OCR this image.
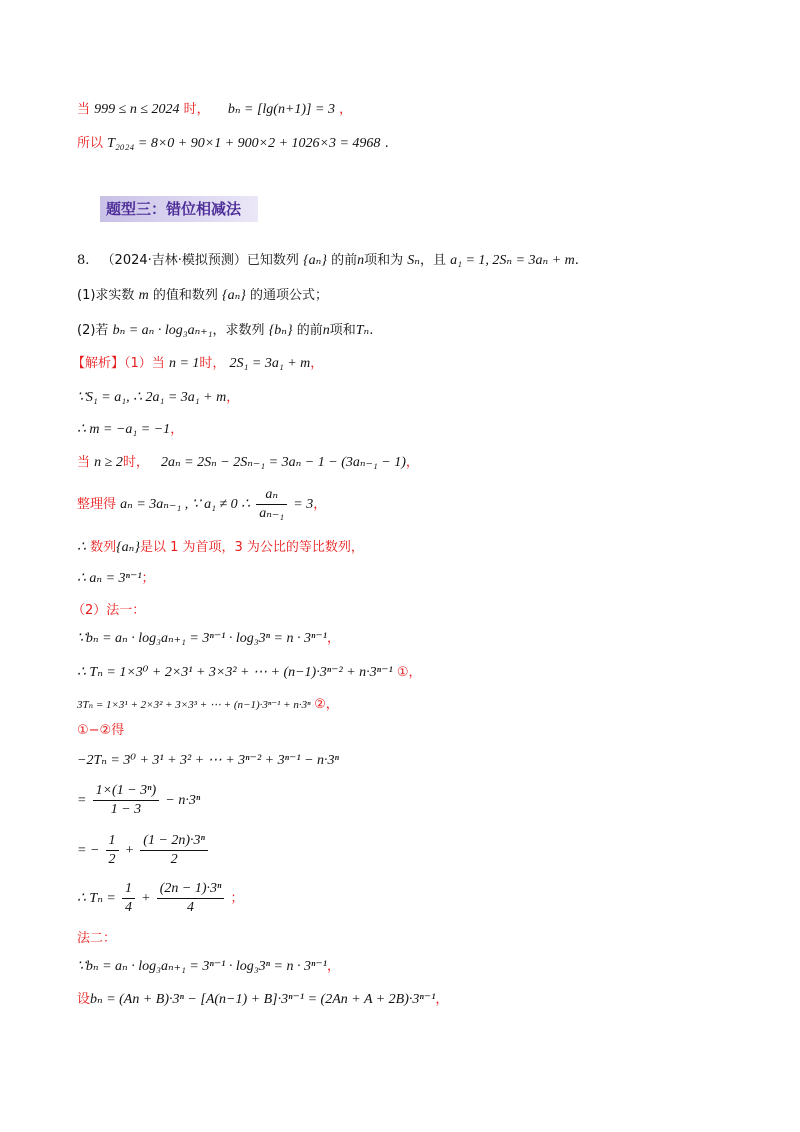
当 999 ≤ n ≤ 2024 时， bₙ = [lg(n+1)] = 3 ，
所以 T₂₀₂₄ = 8×0 + 90×1 + 900×2 + 1026×3 = 4968 .
题型三：错位相减法
8. （2024·吉林·模拟预测）已知数列 {aₙ} 的前n项和为 Sₙ，且 a₁ = 1, 2Sₙ = 3aₙ + m.
(1)求实数 m 的值和数列 {aₙ} 的通项公式；
(2)若 bₙ = aₙ · log₃aₙ₊₁，求数列 {bₙ} 的前n项和Tₙ.
【解析】（1）当 n = 1时， 2S₁ = 3a₁ + m，
∵S₁ = a₁, ∴ 2a₁ = 3a₁ + m，
∴ m = −a₁ = −1，
当 n ≥ 2时， 2aₙ = 2Sₙ − 2Sₙ₋₁ = 3aₙ − 1 − (3aₙ₋₁ − 1)，
整理得 aₙ = 3aₙ₋₁ , ∵ a₁ ≠ 0 ∴ $\frac{\text{aₙ}}{\text{aₙ₋₁}} = 3$，
∴ 数列{aₙ}是以 1 为首项，3 为公比的等比数列，
∴ aₙ = 3ⁿ⁻¹；
（2）法一：
∵bₙ = aₙ · log₃aₙ₊₁ = 3ⁿ⁻¹ · log₃3ⁿ = n · 3ⁿ⁻¹，
∴ Tₙ = 1×3⁰ + 2×3¹ + 3×3² + ⋯ + (n−1)·3ⁿ⁻² + n·3ⁿ⁻¹ ①，
3Tₙ = 1×3¹ + 2×3² + 3×3³ + ⋯ + (n−1)·3ⁿ⁻¹ + n·3ⁿ ②，
①−②得
−2Tₙ = 3⁰ + 3¹ + 3² + ⋯ + 3ⁿ⁻² + 3ⁿ⁻¹ − n·3ⁿ
= $\frac{\text{1×(1 − 3ⁿ)}}{1 - 3} - n\cdot 3^n$
= − $\frac{1}{2} + \frac{\text{(1 − 2n)·3ⁿ}}{2}$
∴ $T_n = \frac{1}{4} + \frac{\text{(2n − 1)·3ⁿ}}{4}$ ；
法二：
∵bₙ = aₙ · log₃aₙ₊₁ = 3ⁿ⁻¹ · log₃3ⁿ = n · 3ⁿ⁻¹，
设bₙ = (An + B)·3ⁿ − [A(n−1) + B]·3ⁿ⁻¹ = (2An + A + 2B)·3ⁿ⁻¹，
